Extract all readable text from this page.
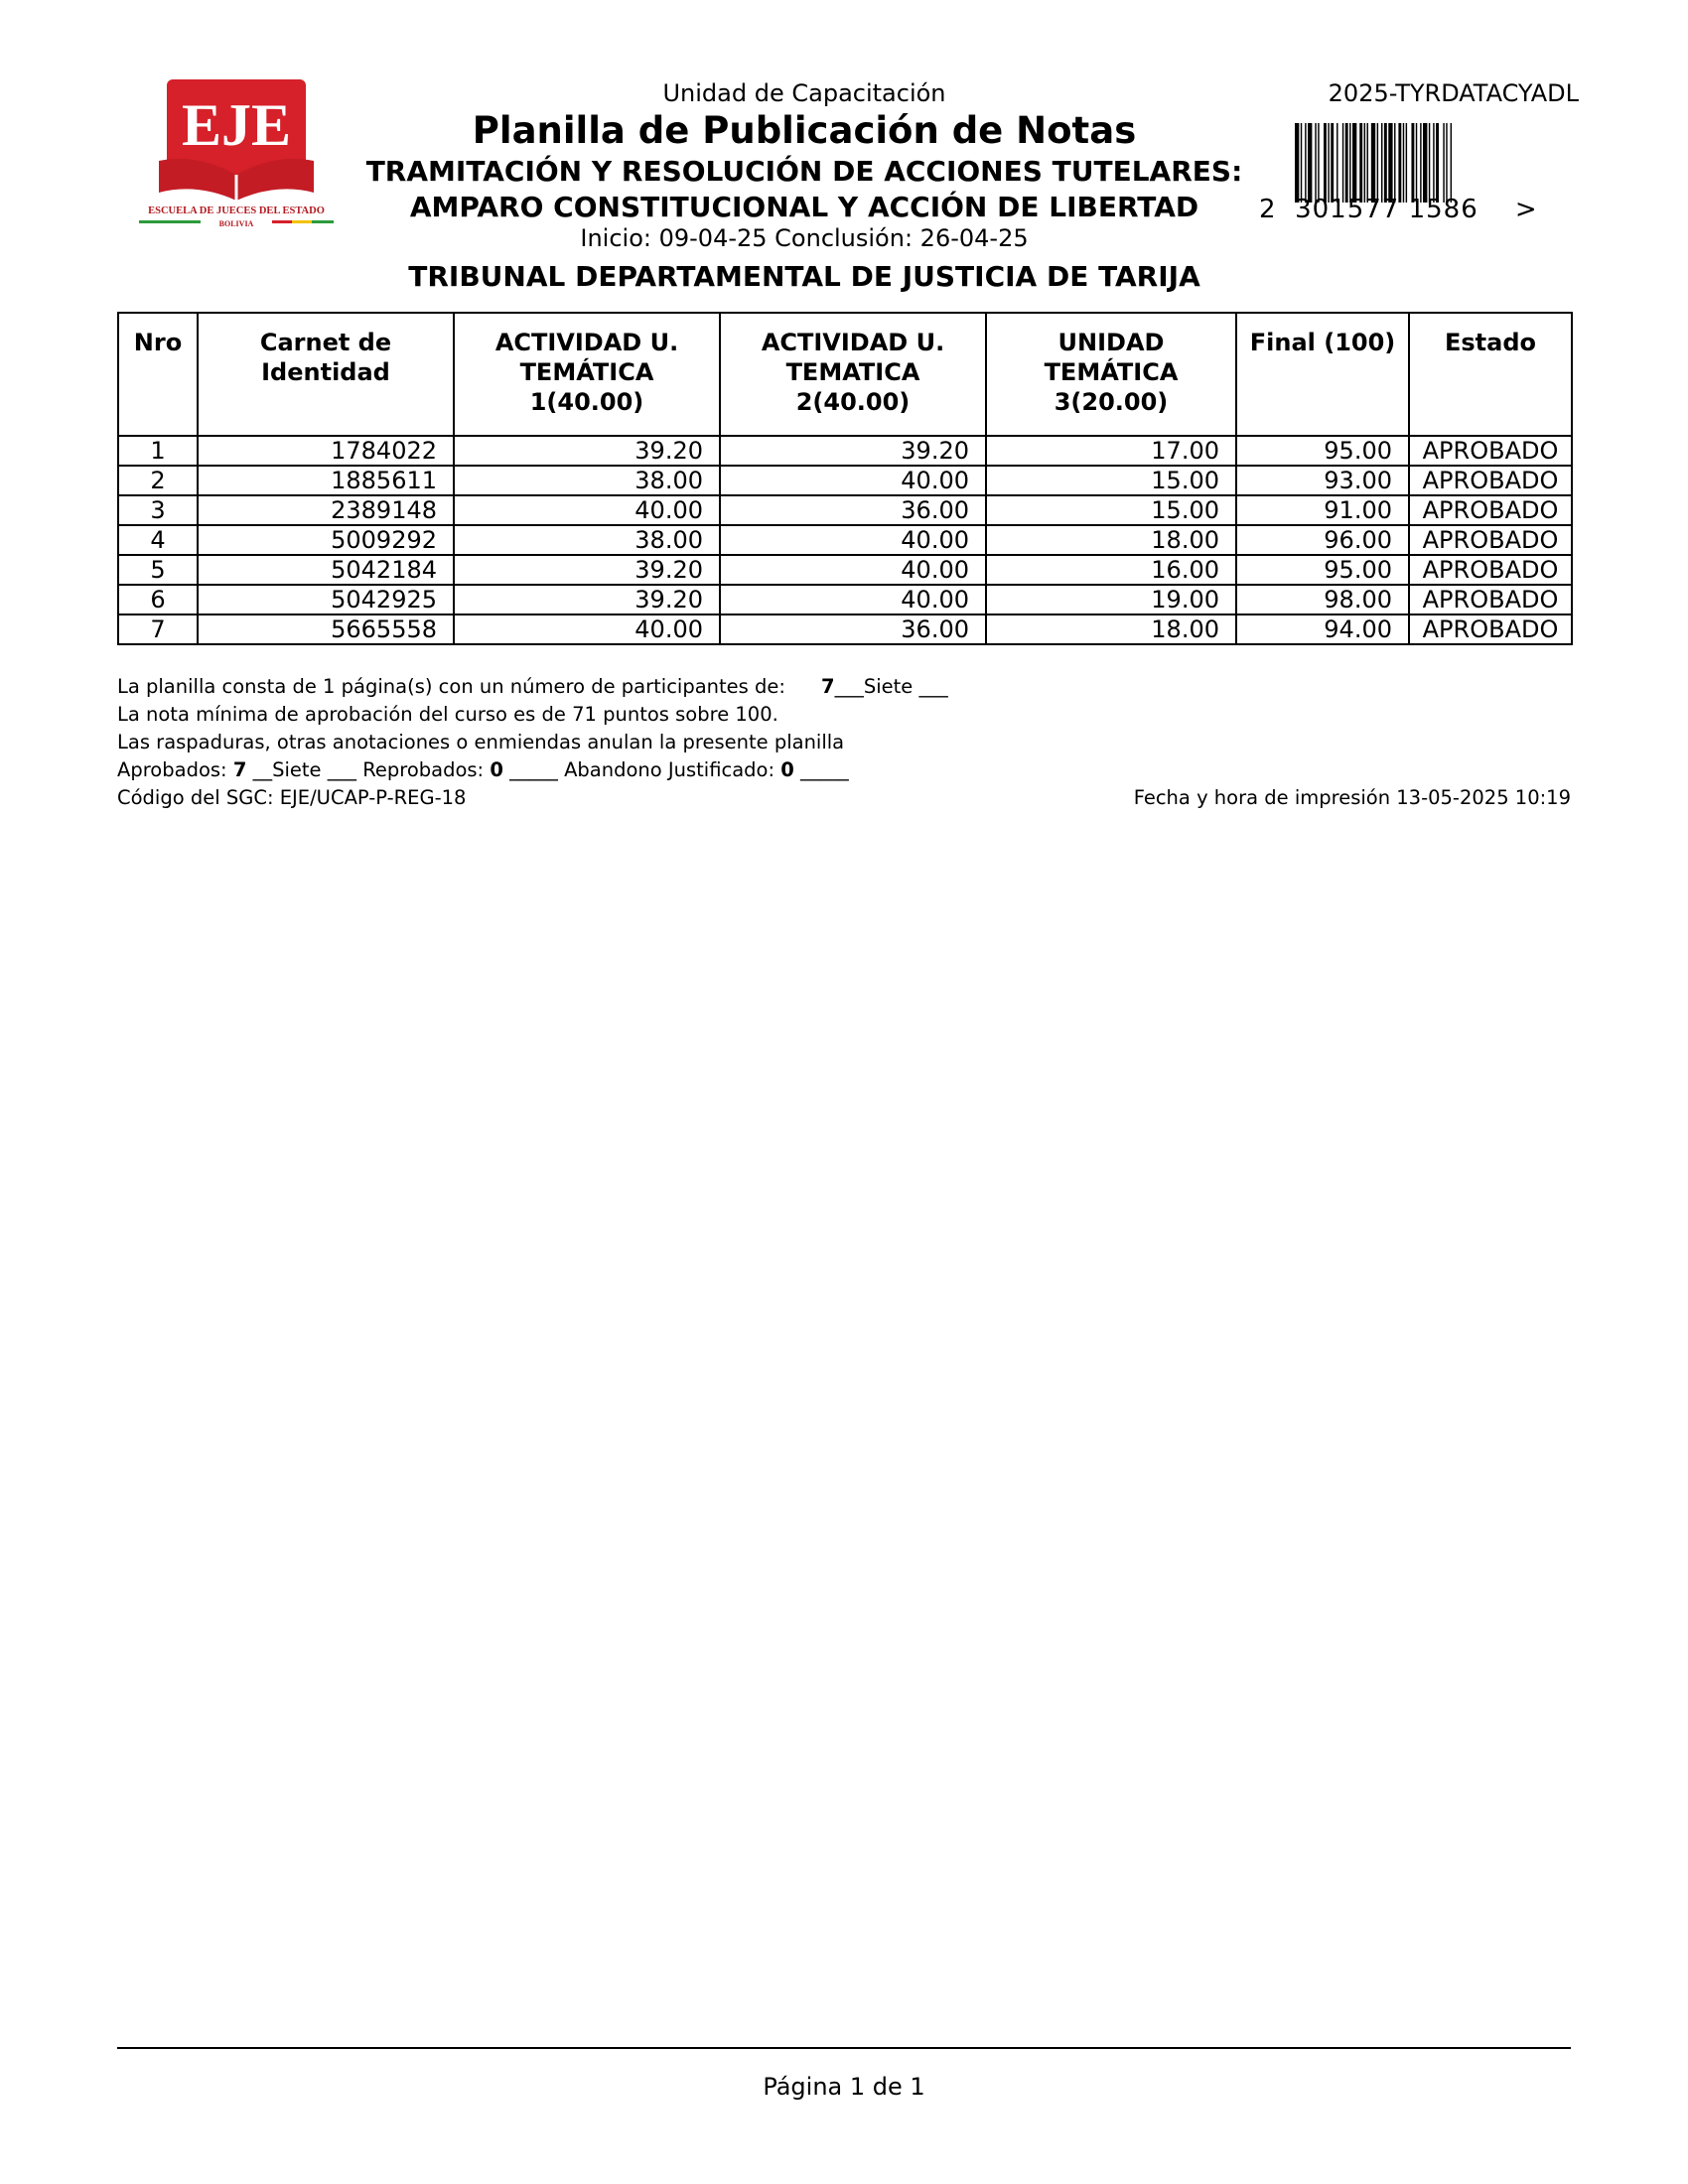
EJE
ESCUELA DE JUECES DEL ESTADO
BOLIVIA
Unidad de Capacitación
Planilla de Publicación de Notas
TRAMITACIÓN Y RESOLUCIÓN DE ACCIONES TUTELARES:
AMPARO CONSTITUCIONAL Y ACCIÓN DE LIBERTAD
Inicio: 09-04-25 Conclusión: 26-04-25
TRIBUNAL DEPARTAMENTAL DE JUSTICIA DE TARIJA
2025-TYRDATACYADL
2  301577 1586    >
Nro	Carnet de Identidad	ACTIVIDAD U. TEMÁTICA 1(40.00)	ACTIVIDAD U. TEMATICA 2(40.00)	UNIDAD TEMÁTICA 3(20.00)	Final (100)	Estado
1	1784022	39.20	39.20	17.00	95.00	APROBADO
2	1885611	38.00	40.00	15.00	93.00	APROBADO
3	2389148	40.00	36.00	15.00	91.00	APROBADO
4	5009292	38.00	40.00	18.00	96.00	APROBADO
5	5042184	39.20	40.00	16.00	95.00	APROBADO
6	5042925	39.20	40.00	19.00	98.00	APROBADO
7	5665558	40.00	36.00	18.00	94.00	APROBADO
La planilla consta de 1 página(s) con un número de participantes de: 7___Siete ___
La nota mínima de aprobación del curso es de 71 puntos sobre 100.
Las raspaduras, otras anotaciones o enmiendas anulan la presente planilla
Aprobados: 7 __Siete ___ Reprobados: 0 _____ Abandono Justificado: 0 _____
Código del SGC: EJE/UCAP-P-REG-18	Fecha y hora de impresión 13-05-2025 10:19
Página 1 de 1
